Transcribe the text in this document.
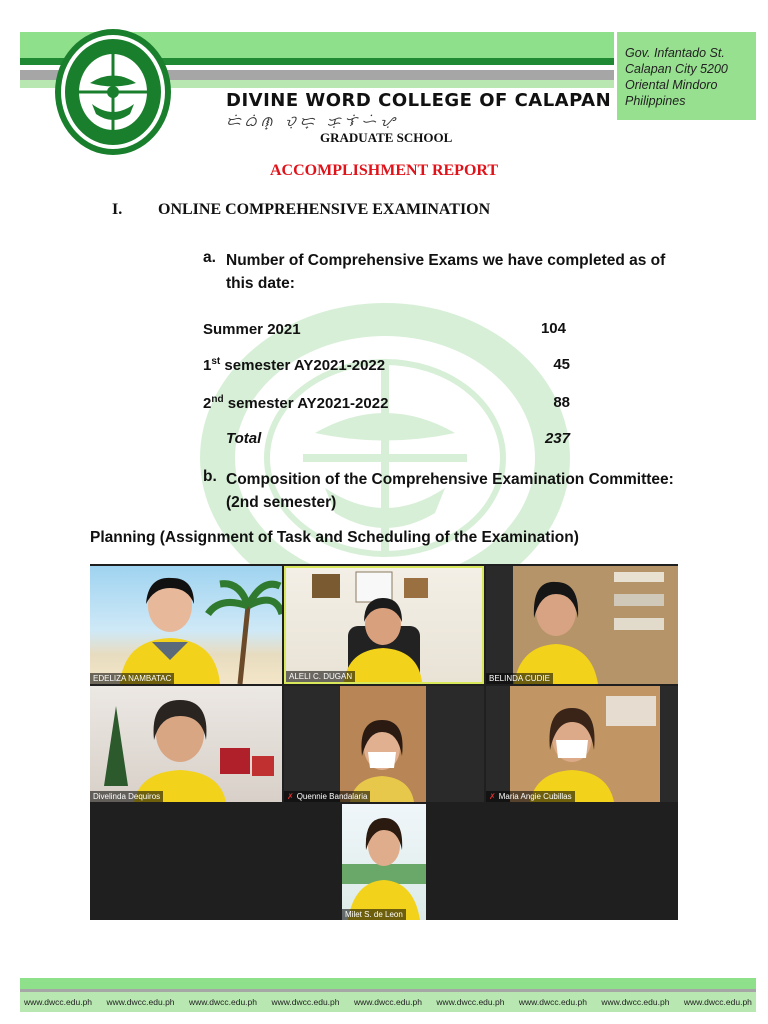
Gov. Infantado St.
Calapan City 5200
Oriental Mindoro
Philippines
DIVINE WORD COLLEGE OF CALAPAN
ᜇᜒᜊᜒᜈ᜔ ᜏᜓᜇ᜔ ᜃᜓᜎᜒᜑᜒᜌᜓ
GRADUATE SCHOOL
ACCOMPLISHMENT REPORT
I. ONLINE COMPREHENSIVE EXAMINATION
a. Number of Comprehensive Exams we have completed as of this date:
Summer 2021	104
1st semester AY2021-2022	45
2nd semester AY2021-2022	88
Total	237
b. Composition of the Comprehensive Examination Committee: (2nd semester)
Planning (Assignment of Task and Scheduling of the Examination)
EDELIZA NAMBATAC	ALELI C. DUGAN	BELINDA CUDIE
Divelinda Dequiros	✗ Quennie Bandalaria	✗ Maria Angie Cubillas
Milet S. de Leon
www.dwcc.edu.ph www.dwcc.edu.ph www.dwcc.edu.ph www.dwcc.edu.ph www.dwcc.edu.ph www.dwcc.edu.ph www.dwcc.edu.ph www.dwcc.edu.ph www.dwcc.edu.ph
